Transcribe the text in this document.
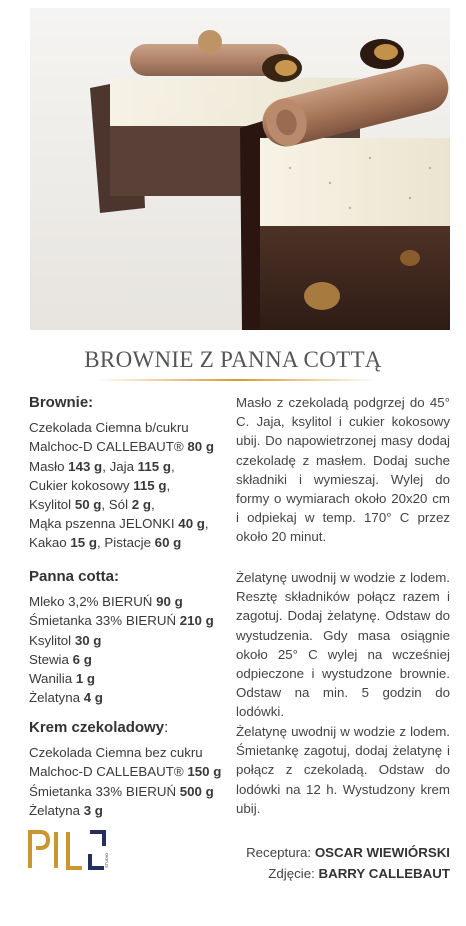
BROWNIE Z PANNA COTTĄ
Brownie:
Czekolada Ciemna b/cukru
Malchoc-D CALLEBAUT® 80 g
Masło 143 g, Jaja 115 g,
Cukier kokosowy 115 g,
Ksylitol 50 g, Sól 2 g,
Mąka pszenna JELONKI 40 g,
Kakao 15 g, Pistacje 60 g
Masło z czekoladą podgrzej do 45° C. Jaja, ksylitol i cukier kokosowy ubij. Do napowietrzonej masy dodaj czekoladę z masłem. Dodaj suche składniki i wymieszaj. Wylej do formy o wymiarach około 20x20 cm i odpiekaj w temp. 170° C przez około 20 minut.
Panna cotta:
Mleko 3,2% BIERUŃ 90 g
Śmietanka 33% BIERUŃ 210 g
Ksylitol 30 g
Stewia 6 g
Wanilia 1 g
Żelatyna 4 g
Żelatynę uwodnij w wodzie z lodem. Resztę składników połącz razem i zagotuj. Dodaj żelatynę. Odstaw do wystudzenia. Gdy masa osiągnie około 25° C wylej na wcześniej odpieczone i wystudzone brownie. Odstaw na min. 5 godzin do lodówki.
Krem czekoladowy:
Czekolada Ciemna bez cukru
Malchoc-D CALLEBAUT® 150 g
Śmietanka 33% BIERUŃ 500 g
Żelatyna 3 g
Żelatynę uwodnij w wodzie z lodem. Śmietankę zagotuj, dodaj żelatynę i połącz z czekoladą. Odstaw do lodówki na 12 h. Wystudzony krem ubij.
STUDIO
Receptura: OSCAR WIEWIÓRSKI
Zdjęcie: BARRY CALLEBAUT
